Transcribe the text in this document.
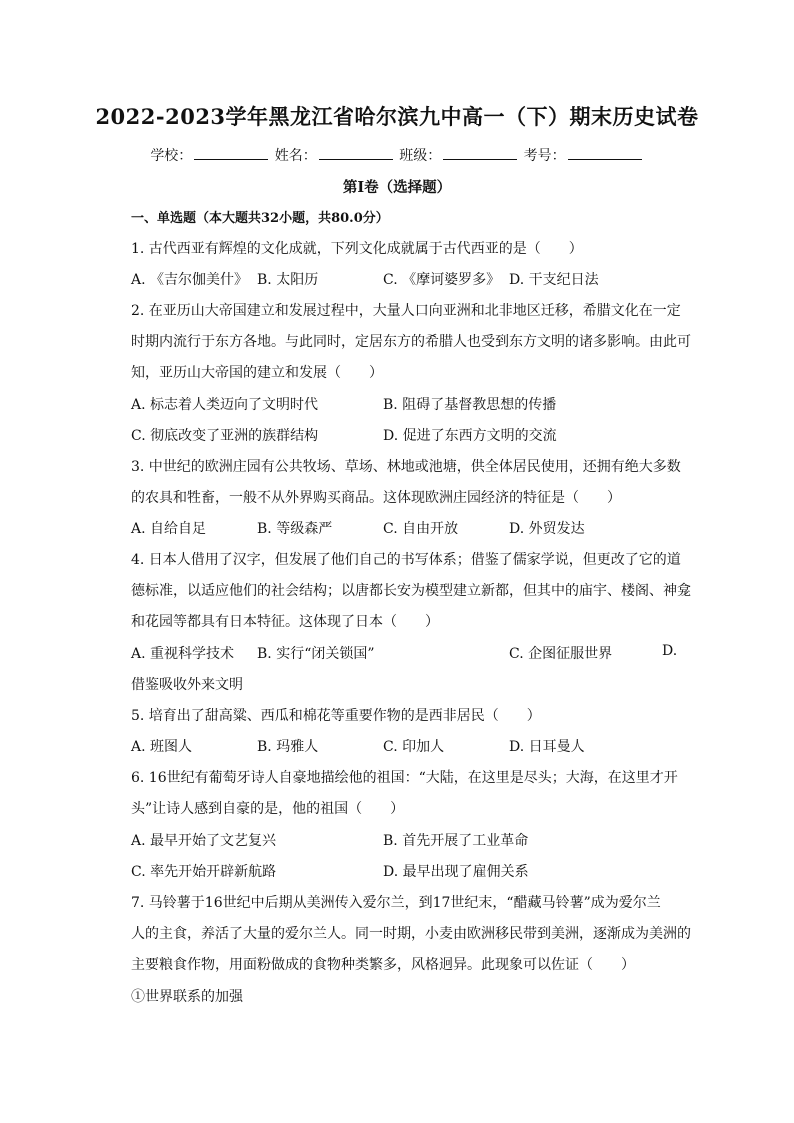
2022-2023学年黑龙江省哈尔滨九中高一（下）期末历史试卷
学校：	姓名：	班级：	考号：
第Ⅰ卷（选择题）
一、单选题（本大题共32小题，共80.0分）
1. 古代西亚有辉煌的文化成就，下列文化成就属于古代西亚的是（　　）
A. 《吉尔伽美什》 B. 太阳历	C. 《摩诃婆罗多》 D. 干支纪日法
2. 在亚历山大帝国建立和发展过程中，大量人口向亚洲和北非地区迁移，希腊文化在一定
时期内流行于东方各地。与此同时，定居东方的希腊人也受到东方文明的诸多影响。由此可
知，亚历山大帝国的建立和发展（　　）
A. 标志着人类迈向了文明时代	B. 阻碍了基督教思想的传播
C. 彻底改变了亚洲的族群结构	D. 促进了东西方文明的交流
3. 中世纪的欧洲庄园有公共牧场、草场、林地或池塘，供全体居民使用，还拥有绝大多数
的农具和牲畜，一般不从外界购买商品。这体现欧洲庄园经济的特征是（　　）
A. 自给自足	B. 等级森严	C. 自由开放	D. 外贸发达
4. 日本人借用了汉字，但发展了他们自己的书写体系；借鉴了儒家学说，但更改了它的道
德标准，以适应他们的社会结构；以唐都长安为模型建立新都，但其中的庙宇、楼阁、神龛
和花园等都具有日本特征。这体现了日本（　　）
A. 重视科学技术 B. 实行“闭关锁国”	C. 企图征服世界	D.
借鉴吸收外来文明
5. 培育出了甜高粱、西瓜和棉花等重要作物的是西非居民（　　）
A. 班图人	B. 玛雅人	C. 印加人	D. 日耳曼人
6. 16世纪有葡萄牙诗人自豪地描绘他的祖国：“大陆，在这里是尽头；大海，在这里才开
头”让诗人感到自豪的是，他的祖国（　　）
A. 最早开始了文艺复兴	B. 首先开展了工业革命
C. 率先开始开辟新航路	D. 最早出现了雇佣关系
7. 马铃薯于16世纪中后期从美洲传入爱尔兰，到17世纪末，“醋藏马铃薯”成为爱尔兰
人的主食，养活了大量的爱尔兰人。同一时期，小麦由欧洲移民带到美洲，逐渐成为美洲的
主要粮食作物，用面粉做成的食物种类繁多，风格迥异。此现象可以佐证（　　）
①世界联系的加强
